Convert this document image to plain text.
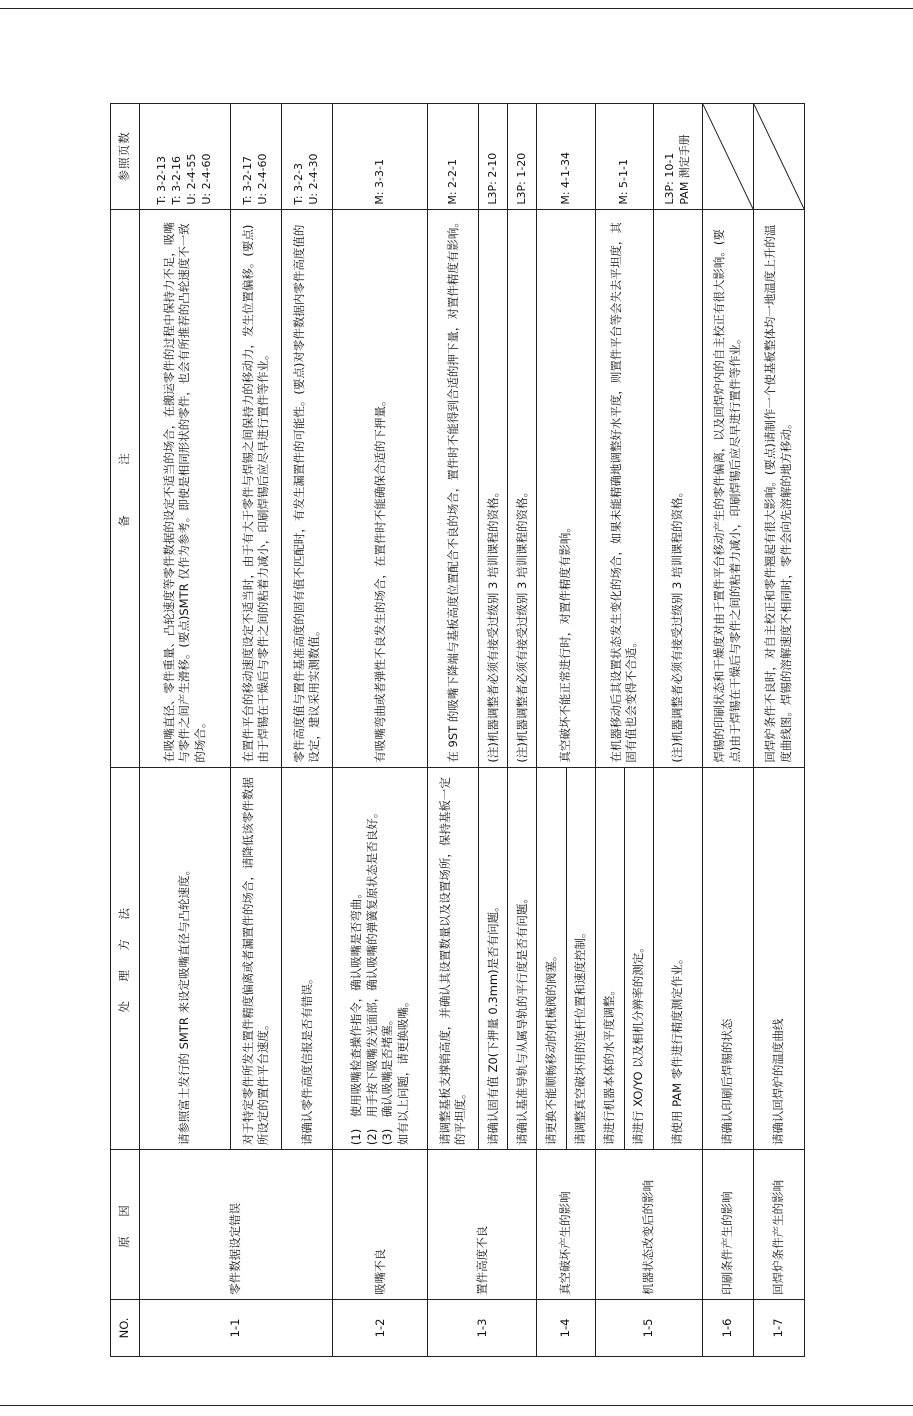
NO.	原　因	处　理　方　法	备　　　注	参照页数
1-1	零件数据设定错误	请参照富士发行的 SMTR 来设定吸嘴直径与凸轮速度。	在吸嘴直径、零件重量、凸轮速度等零件数据的设定不适当的场合，在搬运零件的过程中保持力不足，吸嘴与零件之间产生滑移。(要点)SMTR 仅作为参考。即使是相同形状的零件，也会有所推荐的凸轮速度不一致的场合。	T: 3-2-13
T: 3-2-16
U: 2-4-55
U: 2-4-60
		对于特定零件所发生置件精度偏离或者漏置件的场合，请降低该零件数据所设定的置件平台速度。	在置件平台的移动速度设定不适当时，由于有大于零件与焊锡之间保持力的移动力，发生位置偏移。(要点)由于焊锡在干燥后与零件之间的粘着力减小，印刷焊锡后应尽早进行置件等作业。	T: 3-2-17
U: 2-4-60
		请确认零件高度信报是否有错误。	零件高度值与置件基准高度的固有值不匹配时，有发生漏置件的可能性。(要点)对零件数据内零件高度值的设定，建议采用实测数值。	T: 3-2-3
U: 2-4-30
1-2	吸嘴不良	(1)　使用吸嘴检查操作指令，确认吸嘴是否弯曲。 (2)　用手按下吸嘴发光面部，确认吸嘴的弹簧复原状态是否良好。 (3)　确认吸嘴是否堵塞。 如有以上问题，请更换吸嘴。	有吸嘴弯曲或者弹性不良发生的场合，在置件时不能确保合适的下押量。	M: 3-3-1
1-3	置件高度不良	请调整基板支撑销高度，并确认其设置数量以及设置场所，保持基板一定的平坦度。	在 9ST 的吸嘴下降端与基板高度位置配合不良的场合，置件时不能得到合适的押下量，对置件精度有影响。	M: 2-2-1
		请确认固有值 Z0(下押量 0.3mm)是否有问题。	(注)机器调整者必须有接受过级别 3 培训课程的资格。	L3P: 2-10
		请确认基准导轨与从属导轨的平行度是否有问题。	(注)机器调整者必须有接受过级别 3 培训课程的资格。	L3P: 1-20
1-4	真空破坏产生的影响	请更换不能顺畅移动的机械阀的阀塞。	真空破坏不能正常进行时，对置件精度有影响。	M: 4-1-34
		请调整真空破坏用的连杆位置和速度控制。		
1-5	机器状态改变后的影响	请进行机器本体的水平度调整。	在机器移动后其设置状态发生变化的场合，如果未能精确地调整好水平度，则置件平台等会失去平坦度，其固有值也会变得不合适。	M: 5-1-1
		请进行 XO/YO 以及相机分辨率的测定。		
		请使用 PAM 零件进行精度测定作业。	(注)机器调整者必须有接受过级别 3 培训课程的资格。	L3P: 10-1
PAM 测定手册
1-6	印刷条件产生的影响	请确认印刷后焊锡的状态	焊锡的印刷状态和干燥度对由于置件平台移动产生的零件偏离，以及回焊炉内的自主校正有很大影响。(要点)由于焊锡在干燥后与零件之间的粘着力减小，印刷焊锡后应尽早进行置件等作业。	

1-7	回焊炉条件产生的影响	请确认回焊炉的温度曲线	回焊炉条件不良时，对自主校正和零件翘起有很大影响。(要点)请制作一个使基板整体均一地温度上升的温度曲线图。焊锡的溶解速度不相同时，零件会向先溶解的地方移动。	
